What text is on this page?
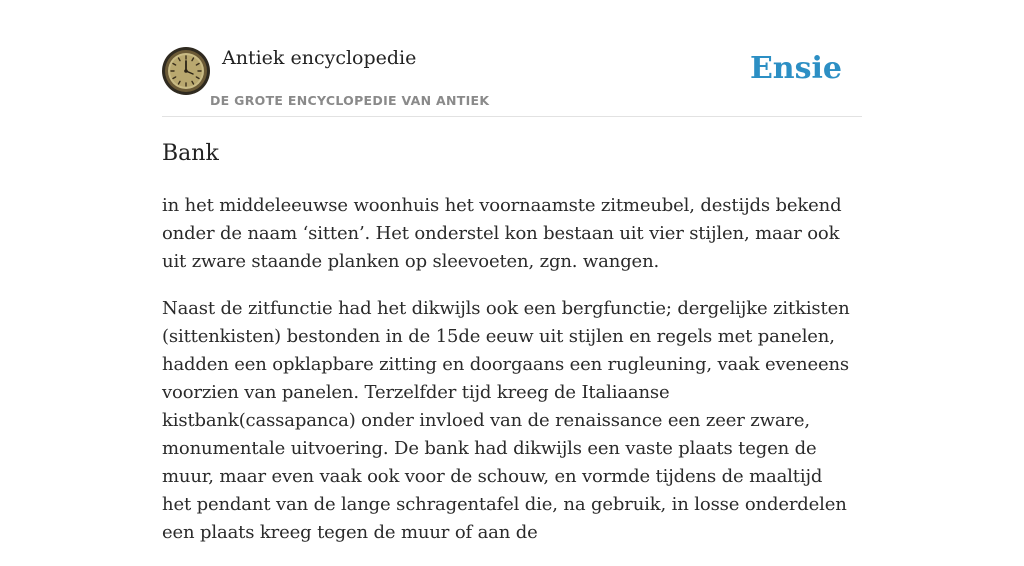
Antiek encyclopedie
DE GROTE ENCYCLOPEDIE VAN ANTIEK
Ensie
Bank

in het middeleeuwse woonhuis het voornaamste zitmeubel, destijds bekend onder de naam ‘sitten’. Het onderstel kon bestaan uit vier stijlen, maar ook uit zware staande planken op sleevoeten, zgn. wangen.

Naast de zitfunctie had het dikwijls ook een bergfunctie; dergelijke zitkisten (sittenkisten) bestonden in de 15de eeuw uit stijlen en regels met panelen, hadden een opklapbare zitting en doorgaans een rugleuning, vaak eveneens voorzien van panelen. Terzelfder tijd kreeg de Italiaanse kistbank(cassapanca) onder invloed van de renaissance een zeer zware, monumentale uitvoering. De bank had dikwijls een vaste plaats tegen de muur, maar even vaak ook voor de schouw, en vormde tijdens de maaltijd het pendant van de lange schragentafel die, na gebruik, in losse onderdelen een plaats kreeg tegen de muur of aan de
